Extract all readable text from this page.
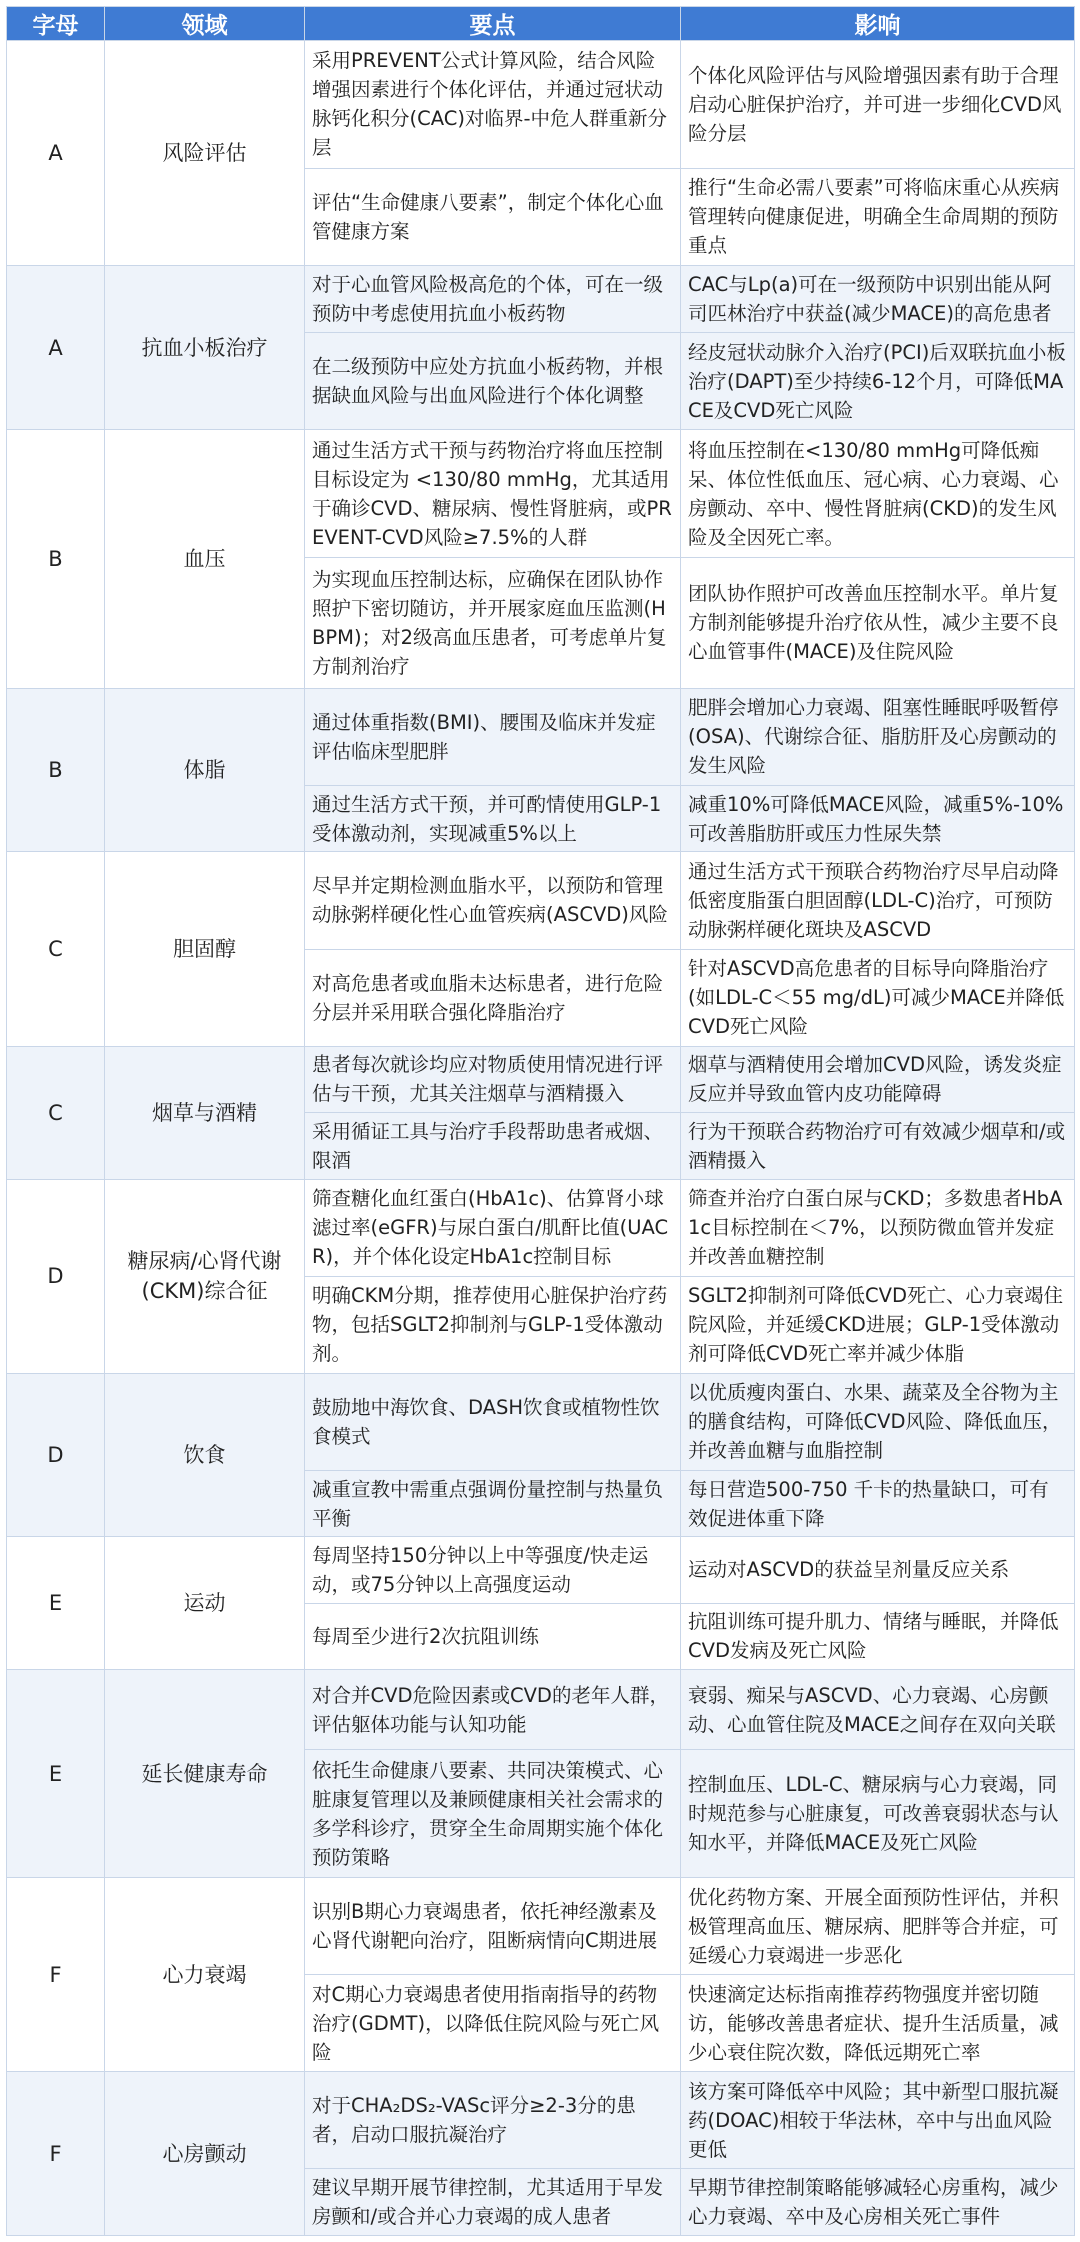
字母	领域	要点	影响
A	风险评估	采用PREVENT公式计算风险，结合风险增强因素进行个体化评估，并通过冠状动脉钙化积分(CAC)对临界-中危人群重新分层	个体化风险评估与风险增强因素有助于合理启动心脏保护治疗，并可进一步细化CVD风险分层
		评估“生命健康八要素”，制定个体化心血管健康方案	推行“生命必需八要素”可将临床重心从疾病管理转向健康促进，明确全生命周期的预防重点
A	抗血小板治疗	对于心血管风险极高危的个体，可在一级预防中考虑使用抗血小板药物	CAC与Lp(a)可在一级预防中识别出能从阿司匹林治疗中获益(减少MACE)的高危患者
		在二级预防中应处方抗血小板药物，并根据缺血风险与出血风险进行个体化调整	经皮冠状动脉介入治疗(PCI)后双联抗血小板治疗(DAPT)至少持续6-12个月，可降低MACE及CVD死亡风险
B	血压	通过生活方式干预与药物治疗将血压控制目标设定为 <130/80 mmHg，尤其适用于确诊CVD、糖尿病、慢性肾脏病，或PREVENT-CVD风险≥7.5%的人群	将血压控制在<130/80 mmHg可降低痴呆、体位性低血压、冠心病、心力衰竭、心房颤动、卒中、慢性肾脏病(CKD)的发生风险及全因死亡率。
		为实现血压控制达标，应确保在团队协作照护下密切随访，并开展家庭血压监测(HBPM)；对2级高血压患者，可考虑单片复方制剂治疗	团队协作照护可改善血压控制水平。单片复方制剂能够提升治疗依从性，减少主要不良心血管事件(MACE)及住院风险
B	体脂	通过体重指数(BMI)、腰围及临床并发症评估临床型肥胖	肥胖会增加心力衰竭、阻塞性睡眠呼吸暂停(OSA)、代谢综合征、脂肪肝及心房颤动的发生风险
		通过生活方式干预，并可酌情使用GLP-1受体激动剂，实现减重5%以上	减重10%可降低MACE风险，减重5%-10%可改善脂肪肝或压力性尿失禁
C	胆固醇	尽早并定期检测血脂水平，以预防和管理动脉粥样硬化性心血管疾病(ASCVD)风险	通过生活方式干预联合药物治疗尽早启动降低密度脂蛋白胆固醇(LDL-C)治疗，可预防动脉粥样硬化斑块及ASCVD
		对高危患者或血脂未达标患者，进行危险分层并采用联合强化降脂治疗	针对ASCVD高危患者的目标导向降脂治疗(如LDL-C＜55 mg/dL)可减少MACE并降低CVD死亡风险
C	烟草与酒精	患者每次就诊均应对物质使用情况进行评估与干预，尤其关注烟草与酒精摄入	烟草与酒精使用会增加CVD风险，诱发炎症反应并导致血管内皮功能障碍
		采用循证工具与治疗手段帮助患者戒烟、限酒	行为干预联合药物治疗可有效减少烟草和/或酒精摄入
D	糖尿病/心肾代谢(CKM)综合征	筛查糖化血红蛋白(HbA1c)、估算肾小球滤过率(eGFR)与尿白蛋白/肌酐比值(UACR)，并个体化设定HbA1c控制目标	筛查并治疗白蛋白尿与CKD；多数患者HbA1c目标控制在＜7%，以预防微血管并发症并改善血糖控制
		明确CKM分期，推荐使用心脏保护治疗药物，包括SGLT2抑制剂与GLP-1受体激动剂。	SGLT2抑制剂可降低CVD死亡、心力衰竭住院风险，并延缓CKD进展；GLP-1受体激动剂可降低CVD死亡率并减少体脂
D	饮食	鼓励地中海饮食、DASH饮食或植物性饮食模式	以优质瘦肉蛋白、水果、蔬菜及全谷物为主的膳食结构，可降低CVD风险、降低血压，并改善血糖与血脂控制
		减重宣教中需重点强调份量控制与热量负平衡	每日营造500-750 千卡的热量缺口，可有效促进体重下降
E	运动	每周坚持150分钟以上中等强度/快走运动，或75分钟以上高强度运动	运动对ASCVD的获益呈剂量反应关系
		每周至少进行2次抗阻训练	抗阻训练可提升肌力、情绪与睡眠，并降低CVD发病及死亡风险
E	延长健康寿命	对合并CVD危险因素或CVD的老年人群，评估躯体功能与认知功能	衰弱、痴呆与ASCVD、心力衰竭、心房颤动、心血管住院及MACE之间存在双向关联
		依托生命健康八要素、共同决策模式、心脏康复管理以及兼顾健康相关社会需求的多学科诊疗，贯穿全生命周期实施个体化预防策略	控制血压、LDL-C、糖尿病与心力衰竭，同时规范参与心脏康复，可改善衰弱状态与认知水平，并降低MACE及死亡风险
F	心力衰竭	识别B期心力衰竭患者，依托神经激素及心肾代谢靶向治疗，阻断病情向C期进展	优化药物方案、开展全面预防性评估，并积极管理高血压、糖尿病、肥胖等合并症，可延缓心力衰竭进一步恶化
		对C期心力衰竭患者使用指南指导的药物治疗(GDMT)，以降低住院风险与死亡风险	快速滴定达标指南推荐药物强度并密切随访，能够改善患者症状、提升生活质量，减少心衰住院次数，降低远期死亡率
F	心房颤动	对于CHA₂DS₂-VASc评分≥2-3分的患者，启动口服抗凝治疗	该方案可降低卒中风险；其中新型口服抗凝药(DOAC)相较于华法林，卒中与出血风险更低
		建议早期开展节律控制，尤其适用于早发房颤和/或合并心力衰竭的成人患者	早期节律控制策略能够减轻心房重构，减少心力衰竭、卒中及心房相关死亡事件
